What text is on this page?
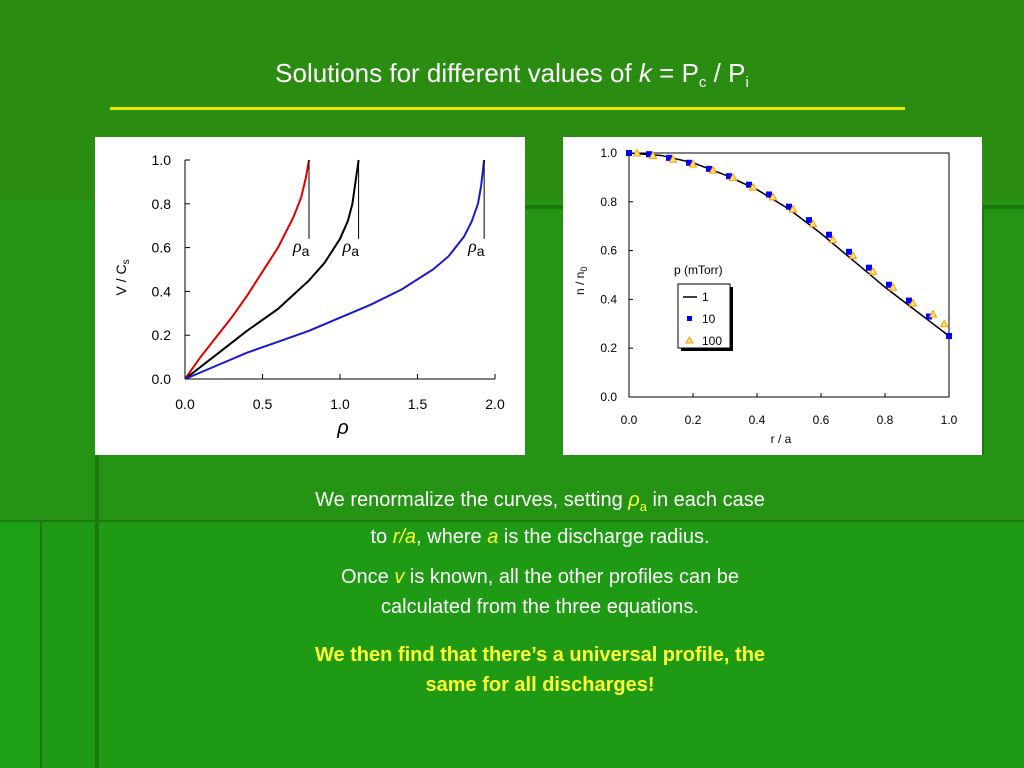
Solutions for different values of $k = P_c / P_i$
0.0
0.2
0.4
0.6
0.8
1.0
0.0	0.5	1.0	1.5	2.0
ρ
V / $C_s$
$\rho_a$ $\rho_a$	$\rho_a$
0.0
0.2
0.4
0.6
0.8
1.0
0.0	0.2	0.4	0.6	0.8	1.0
r / a
n / $n_0$	p (mTorr)
1
10
100
We renormalize the curves, setting $\rho_a$ in each case
to r/a, where a is the discharge radius.
Once v is known, all the other profiles can be
calculated from the three equations.
We then find that there’s a universal profile, the
same for all discharges!
